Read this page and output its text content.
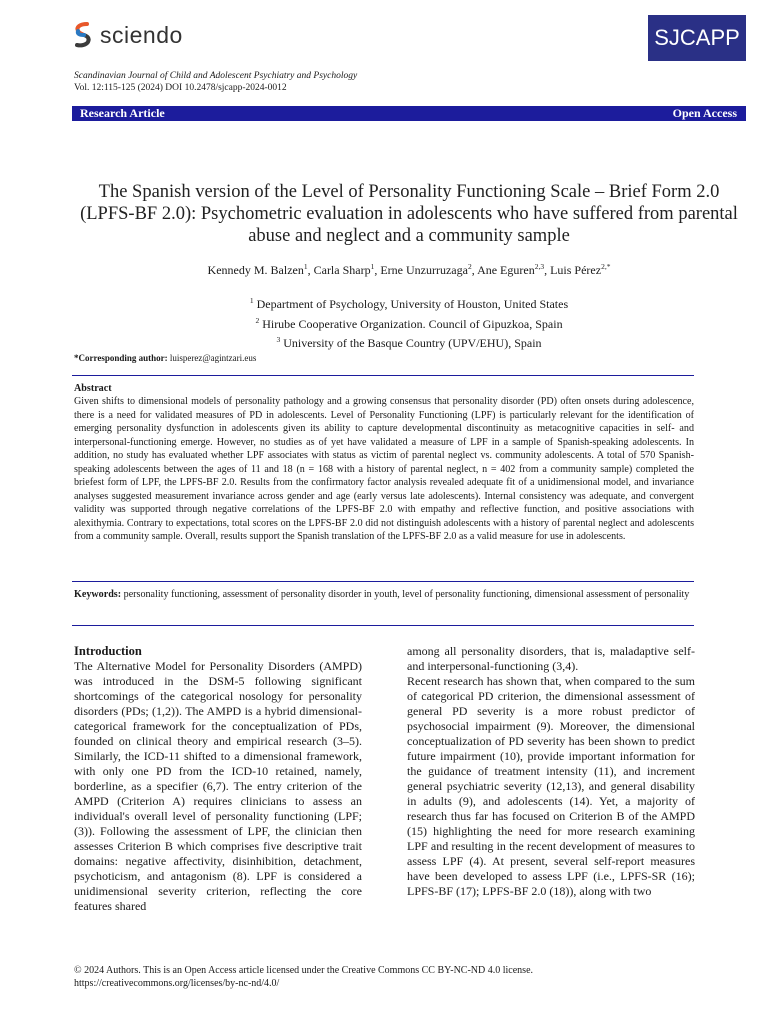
sciendo	SJCAPP
Scandinavian Journal of Child and Adolescent Psychiatry and Psychology
Vol. 12:115-125 (2024) DOI 10.2478/sjcapp-2024-0012
Research Article	Open Access
The Spanish version of the Level of Personality Functioning Scale – Brief Form 2.0 (LPFS-BF 2.0): Psychometric evaluation in adolescents who have suffered from parental abuse and neglect and a community sample
Kennedy M. Balzen$^1$, Carla Sharp$^1$, Erne Unzurruzaga$^2$, Ane Eguren$^{2,3}$, Luis Pérez$^{2,*}$
$^1$ Department of Psychology, University of Houston, United States
$^2$ Hirube Cooperative Organization. Council of Gipuzkoa, Spain
$^3$ University of the Basque Country (UPV/EHU), Spain
*Corresponding author: luisperez@agintzari.eus
Abstract
Given shifts to dimensional models of personality pathology and a growing consensus that personality disorder (PD) often onsets during adolescence, there is a need for validated measures of PD in adolescents. Level of Personality Functioning (LPF) is particularly relevant for the identification of emerging personality dysfunction in adolescents given its ability to capture developmental discontinuity as metacognitive capacities in self- and interpersonal-functioning emerge. However, no studies as of yet have validated a measure of LPF in a sample of Spanish-speaking adolescents. In addition, no study has evaluated whether LPF associates with status as victim of parental neglect vs. community adolescents. A total of 570 Spanish-speaking adolescents between the ages of 11 and 18 (n = 168 with a history of parental neglect, n = 402 from a community sample) completed the briefest form of LPF, the LPFS-BF 2.0. Results from the confirmatory factor analysis revealed adequate fit of a unidimensional model, and invariance analyses suggested measurement invariance across gender and age (early versus late adolescents). Internal consistency was adequate, and convergent validity was supported through negative correlations of the LPFS-BF 2.0 with empathy and reflective function, and positive associations with alexithymia. Contrary to expectations, total scores on the LPFS-BF 2.0 did not distinguish adolescents with a history of parental neglect and adolescents from a community sample. Overall, results support the Spanish translation of the LPFS-BF 2.0 as a valid measure for use in adolescents.
Keywords: personality functioning, assessment of personality disorder in youth, level of personality functioning, dimensional assessment of personality
Introduction
The Alternative Model for Personality Disorders (AMPD) was introduced in the DSM-5 following significant shortcomings of the categorical nosology for personality disorders (PDs; (1,2)). The AMPD is a hybrid dimensional-categorical framework for the conceptualization of PDs, founded on clinical theory and empirical research (3–5). Similarly, the ICD-11 shifted to a dimensional framework, with only one PD from the ICD-10 retained, namely, borderline, as a specifier (6,7). The entry criterion of the AMPD (Criterion A) requires clinicians to assess an individual's overall level of personality functioning (LPF; (3)). Following the assessment of LPF, the clinician then assesses Criterion B which comprises five descriptive trait domains: negative affectivity, disinhibition, detachment, psychoticism, and antagonism (8). LPF is considered a unidimensional severity criterion, reflecting the core features shared
among all personality disorders, that is, maladaptive self- and interpersonal-functioning (3,4).
Recent research has shown that, when compared to the sum of categorical PD criterion, the dimensional assessment of general PD severity is a more robust predictor of psychosocial impairment (9). Moreover, the dimensional conceptualization of PD severity has been shown to predict future impairment (10), provide important information for the guidance of treatment intensity (11), and increment general psychiatric severity (12,13), and general disability in adults (9), and adolescents (14). Yet, a majority of research thus far has focused on Criterion B of the AMPD (15) highlighting the need for more research examining LPF and resulting in the recent development of measures to assess LPF (4). At present, several self-report measures have been developed to assess LPF (i.e., LPFS-SR (16); LPFS-BF (17); LPFS-BF 2.0 (18)), along with two
© 2024 Authors. This is an Open Access article licensed under the Creative Commons CC BY-NC-ND 4.0 license.
https://creativecommons.org/licenses/by-nc-nd/4.0/
